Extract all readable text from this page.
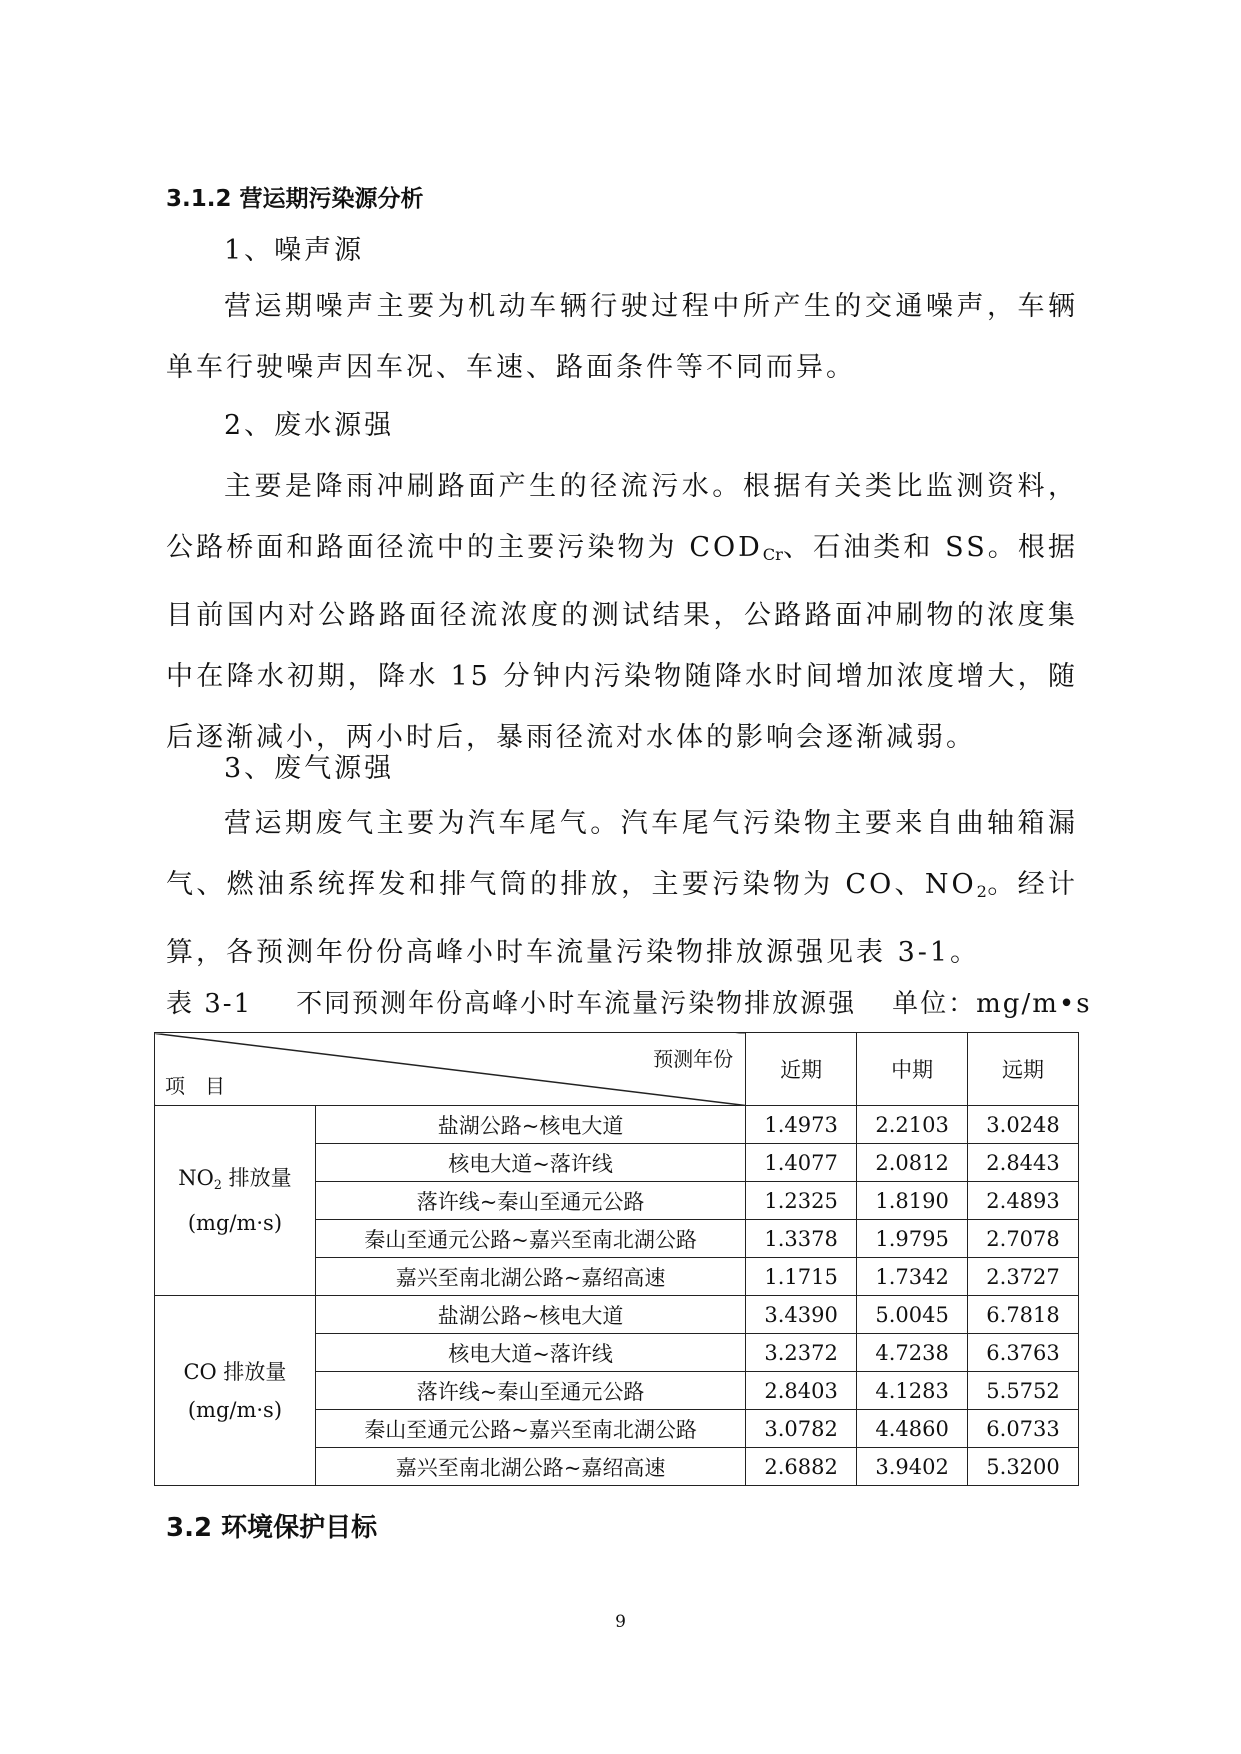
3.1.2 营运期污染源分析
1、噪声源

营运期噪声主要为机动车辆行驶过程中所产生的交通噪声，车辆单车行驶噪声因车况、车速、路面条件等不同而异。

2、废水源强

主要是降雨冲刷路面产生的径流污水。根据有关类比监测资料，公路桥面和路面径流中的主要污染物为 $COD_{Cr}$、石油类和 SS。根据目前国内对公路路面径流浓度的测试结果，公路路面冲刷物的浓度集中在降水初期，降水 15 分钟内污染物随降水时间增加浓度增大，随后逐渐减小，两小时后，暴雨径流对水体的影响会逐渐减弱。

3、废气源强

营运期废气主要为汽车尾气。汽车尾气污染物主要来自曲轴箱漏气、燃油系统挥发和排气筒的排放，主要污染物为 CO、$NO_2$。经计算，各预测年份份高峰小时车流量污染物排放源强见表 3-1。

表 3-1 不同预测年份高峰小时车流量污染物排放源强 单位：mg/m•s
预测年份
项　目		近期	中期	远期

$NO_2$ 排放量
(mg/m·s)	盐湖公路~核电大道	1.4973	2.2103	3.0248
	核电大道~落许线	1.4077	2.0812	2.8443
	落许线~秦山至通元公路	1.2325	1.8190	2.4893
	秦山至通元公路~嘉兴至南北湖公路	1.3378	1.9795	2.7078
	嘉兴至南北湖公路~嘉绍高速	1.1715	1.7342	2.3727

CO 排放量
(mg/m·s)	盐湖公路~核电大道	3.4390	5.0045	6.7818
	核电大道~落许线	3.2372	4.7238	6.3763
	落许线~秦山至通元公路	2.8403	4.1283	5.5752
	秦山至通元公路~嘉兴至南北湖公路	3.0782	4.4860	6.0733
	嘉兴至南北湖公路~嘉绍高速	2.6882	3.9402	5.3200
3.2 环境保护目标
9
